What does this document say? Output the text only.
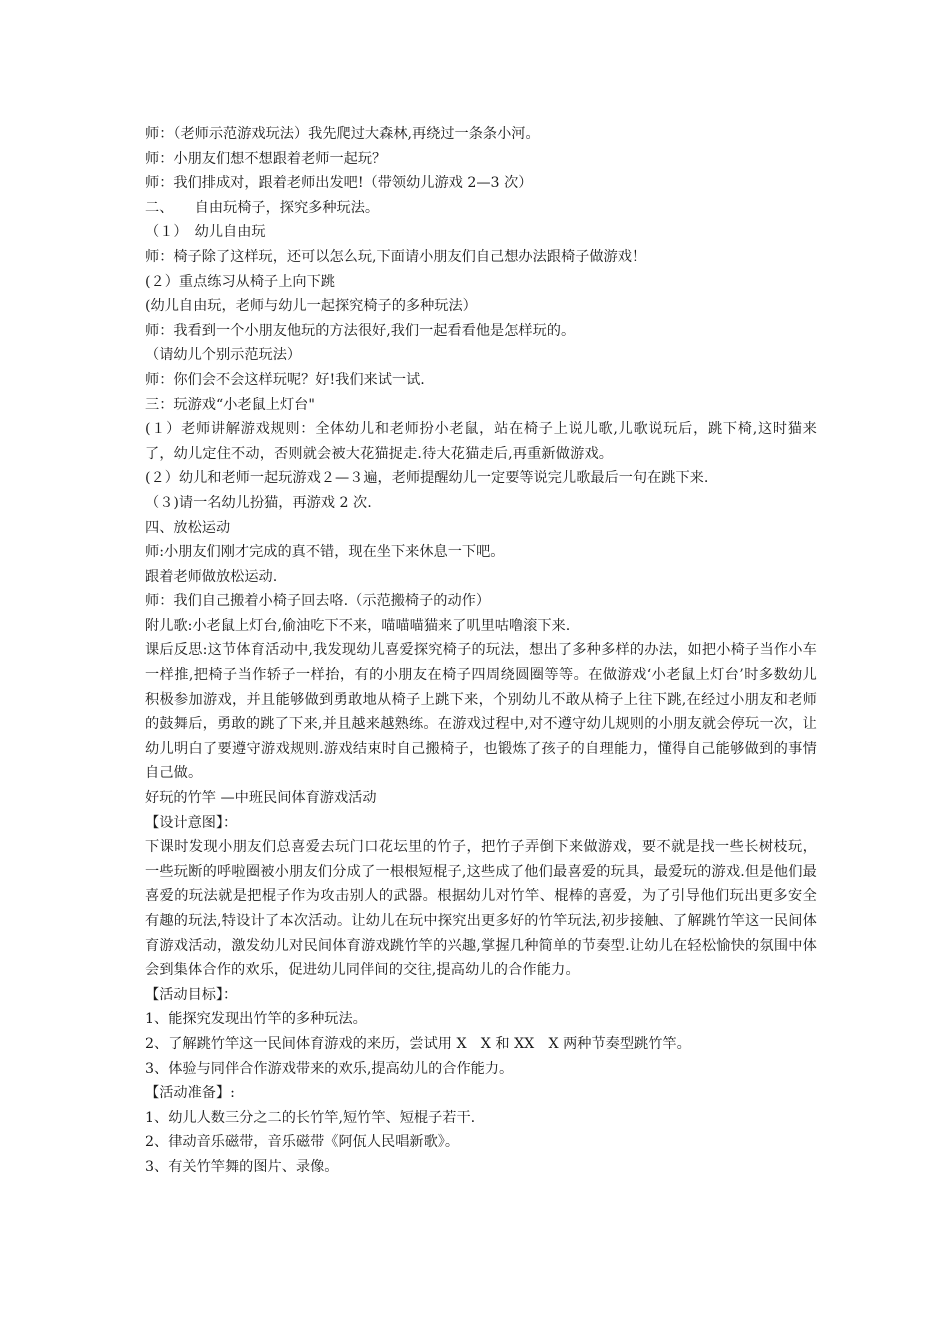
师：（老师示范游戏玩法）我先爬过大森林,再绕过一条条小河。
师：小朋友们想不想跟着老师一起玩？
师：我们排成对，跟着老师出发吧!（带领幼儿游戏 2—3 次）
二、　　自由玩椅子，探究多种玩法。
（１）　幼儿自由玩
师：椅子除了这样玩，还可以怎么玩,下面请小朋友们自己想办法跟椅子做游戏！
(２）重点练习从椅子上向下跳
(幼儿自由玩，老师与幼儿一起探究椅子的多种玩法）
师：我看到一个小朋友他玩的方法很好,我们一起看看他是怎样玩的。
（请幼儿个别示范玩法）
师：你们会不会这样玩呢？好!我们来试一试.
三：玩游戏“小老鼠上灯台"
(１）老师讲解游戏规则：全体幼儿和老师扮小老鼠，站在椅子上说儿歌,儿歌说玩后，跳下椅,这时猫来了，幼儿定住不动，否则就会被大花猫捉走.待大花猫走后,再重新做游戏。
(２）幼儿和老师一起玩游戏２—３遍，老师提醒幼儿一定要等说完儿歌最后一句在跳下来.
（３)请一名幼儿扮猫，再游戏 2 次.
四、放松运动
师:小朋友们刚才完成的真不错，现在坐下来休息一下吧。
跟着老师做放松运动.
师：我们自己搬着小椅子回去咯.（示范搬椅子的动作）
附儿歌:小老鼠上灯台,偷油吃下不来，喵喵喵猫来了叽里咕噜滚下来.
课后反思:这节体育活动中,我发现幼儿喜爱探究椅子的玩法，想出了多种多样的办法，如把小椅子当作小车一样推,把椅子当作轿子一样抬，有的小朋友在椅子四周绕圆圈等等。在做游戏‘小老鼠上灯台’时多数幼儿积极参加游戏，并且能够做到勇敢地从椅子上跳下来，个别幼儿不敢从椅子上往下跳,在经过小朋友和老师的鼓舞后，勇敢的跳了下来,并且越来越熟练。在游戏过程中,对不遵守幼儿规则的小朋友就会停玩一次，让幼儿明白了要遵守游戏规则.游戏结束时自己搬椅子，也锻炼了孩子的自理能力，懂得自己能够做到的事情自己做。
好玩的竹竿 —中班民间体育游戏活动
【设计意图】：
下课时发现小朋友们总喜爱去玩门口花坛里的竹子，把竹子弄倒下来做游戏，要不就是找一些长树枝玩，一些玩断的呼啦圈被小朋友们分成了一根根短棍子,这些成了他们最喜爱的玩具，最爱玩的游戏.但是他们最喜爱的玩法就是把棍子作为攻击别人的武器。根据幼儿对竹竿、棍棒的喜爱，为了引导他们玩出更多安全有趣的玩法,特设计了本次活动。让幼儿在玩中探究出更多好的竹竿玩法,初步接触、了解跳竹竿这一民间体育游戏活动，激发幼儿对民间体育游戏跳竹竿的兴趣,掌握几种简单的节奏型.让幼儿在轻松愉快的氛围中体会到集体合作的欢乐，促进幼儿同伴间的交往,提高幼儿的合作能力。
【活动目标】：
1、能探究发现出竹竿的多种玩法。
2、了解跳竹竿这一民间体育游戏的来历，尝试用 X　X 和 XX　X 两种节奏型跳竹竿。
3、体验与同伴合作游戏带来的欢乐,提高幼儿的合作能力。
【活动准备】:
1、幼儿人数三分之二的长竹竿,短竹竿、短棍子若干.
2、律动音乐磁带，音乐磁带《阿佤人民唱新歌》。
3、有关竹竿舞的图片、录像。
